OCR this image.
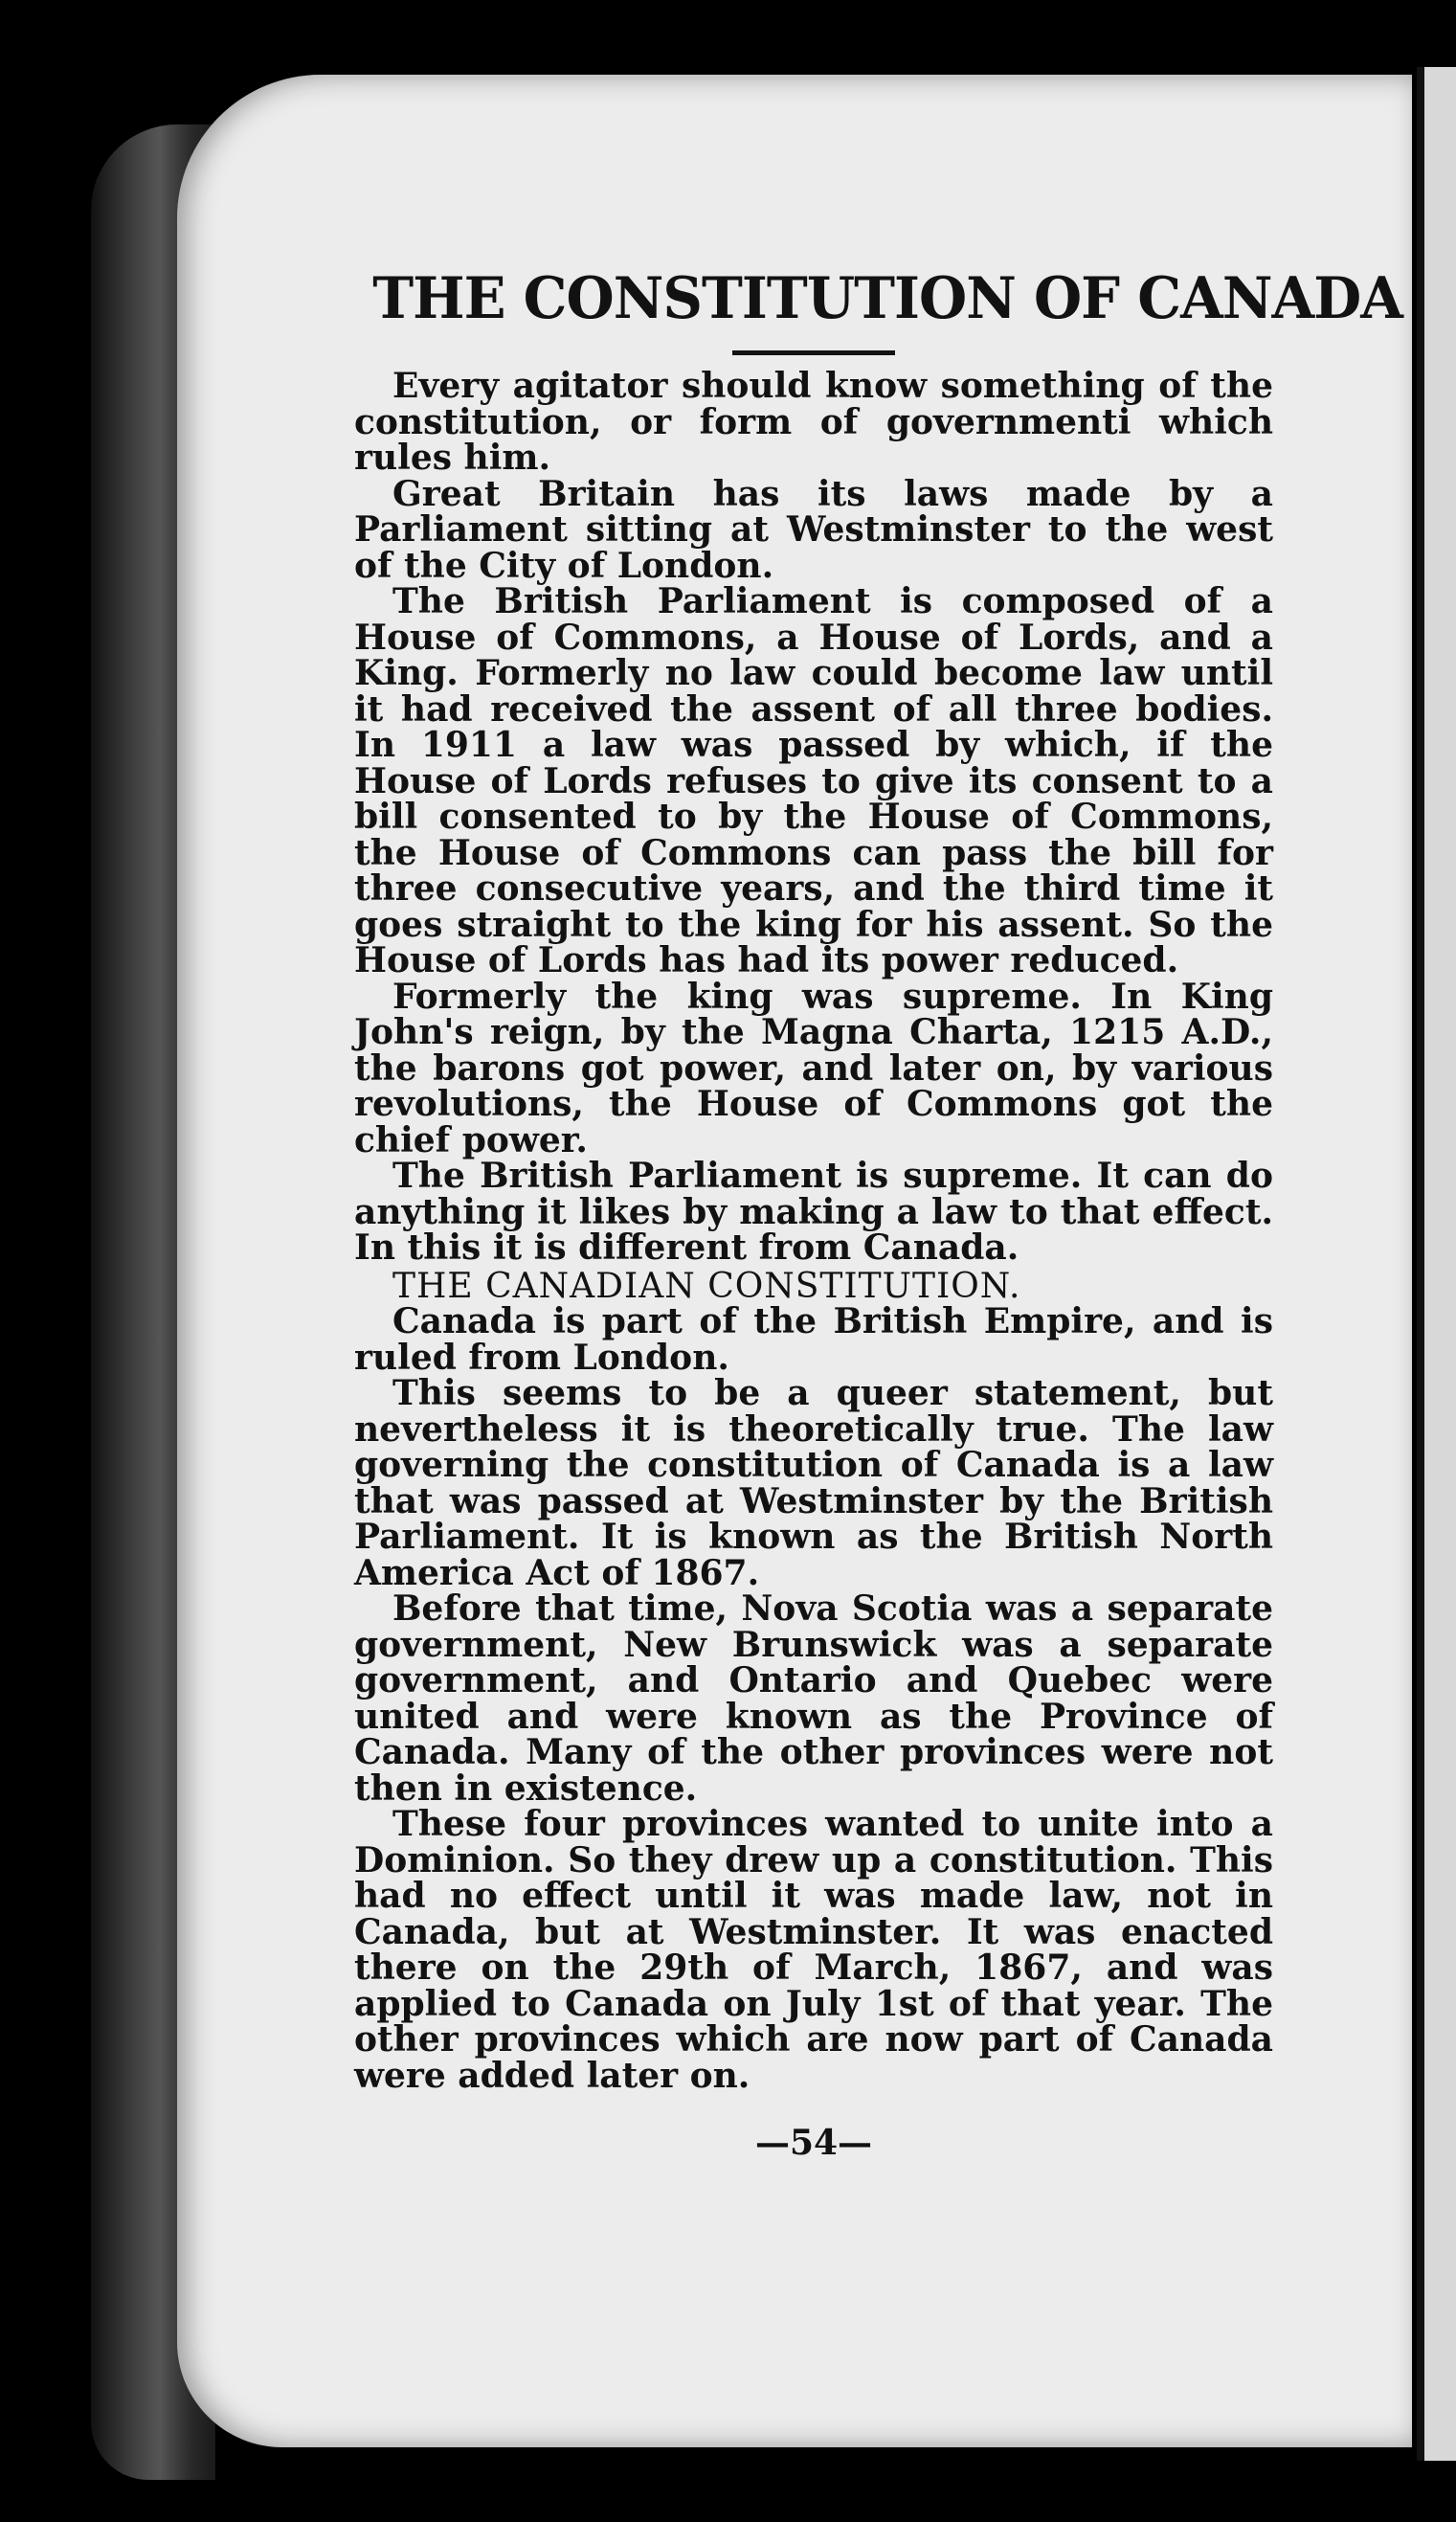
THE CONSTITUTION OF CANADA

Every agitator should know something of the constitution, or form of governmenti which rules him.

Great Britain has its laws made by a Parliament sitting at Westminster to the west of the City of London.

The British Parliament is composed of a House of Commons, a House of Lords, and a King. Formerly no law could become law until it had received the assent of all three bodies. In 1911 a law was passed by which, if the House of Lords refuses to give its consent to a bill consented to by the House of Commons, the House of Commons can pass the bill for three consecutive years, and the third time it goes straight to the king for his assent. So the House of Lords has had its power reduced.

Formerly the king was supreme. In King John's reign, by the Magna Charta, 1215 A.D., the barons got power, and later on, by various revolutions, the House of Commons got the chief power.

The British Parliament is supreme. It can do anything it likes by making a law to that effect. In this it is different from Canada.

THE CANADIAN CONSTITUTION.

Canada is part of the British Empire, and is ruled from London.

This seems to be a queer statement, but nevertheless it is theoretically true. The law governing the constitution of Canada is a law that was passed at Westminster by the British Parliament. It is known as the British North America Act of 1867.

Before that time, Nova Scotia was a separate government, New Brunswick was a separate government, and Ontario and Quebec were united and were known as the Province of Canada. Many of the other provinces were not then in existence.

These four provinces wanted to unite into a Dominion. So they drew up a constitution. This had no effect until it was made law, not in Canada, but at Westminster. It was enacted there on the 29th of March, 1867, and was applied to Canada on July 1st of that year. The other provinces which are now part of Canada were added later on.

—54—
